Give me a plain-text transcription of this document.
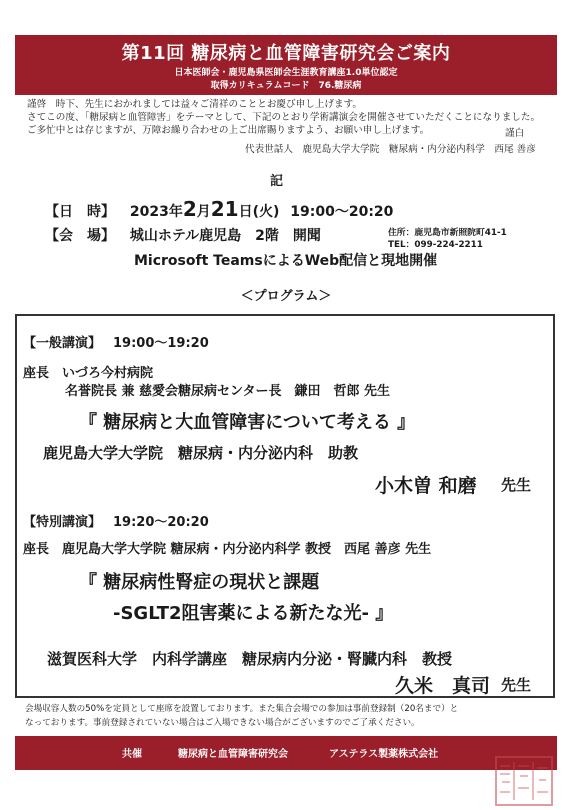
第11回 糖尿病と血管障害研究会ご案内
日本医師会・鹿児島県医師会生涯教育講座1.0単位認定
取得カリキュラムコード　76.糖尿病
謹啓　時下、先生におかれましては益々ご清祥のこととお慶び申し上げます。
さてこの度、「糖尿病と血管障害」をテーマとして、下記のとおり学術講演会を開催させていただくことになりました。
ご多忙中とは存じますが、万障お繰り合わせの上ご出席賜りますよう、お願い申し上げます。	謹白
代表世話人　鹿児島大学大学院　糖尿病・内分泌内科学　西尾 善彦
記
【日　時】 2023年2月21日(火) 19:00～20:20
【会　場】 城山ホテル鹿児島　2階　開聞	住所：鹿児島市新照院町41-1
TEL：099-224-2211
Microsoft TeamsによるWeb配信と現地開催
＜プログラム＞
【一般講演】 19:00～19:20
座長　いづろ今村病院
名誉院長 兼 慈愛会糖尿病センター長　鎌田　哲郎 先生
『 糖尿病と大血管障害について考える 』
鹿児島大学大学院　糖尿病・内分泌内科　助教
小木曽 和磨 先生
【特別講演】 19:20～20:20
座長　鹿児島大学大学院 糖尿病・内分泌内科学 教授　西尾 善彦 先生
『 糖尿病性腎症の現状と課題
-SGLT2阻害薬による新たな光- 』
滋賀医科大学　内科学講座　糖尿病内分泌・腎臓内科　教授
久米　真司 先生
会場収容人数の50%を定員として座席を設置しております。また集合会場での参加は事前登録制（20名まで）と
なっております。事前登録されていない場合はご入場できない場合がございますのでご了承ください。
共催	糖尿病と血管障害研究会	アステラス製薬株式会社
